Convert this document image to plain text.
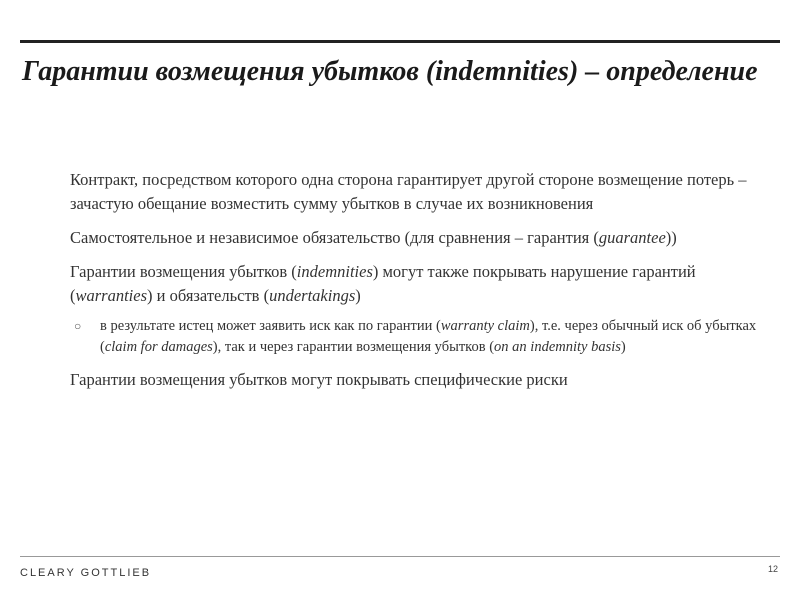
Гарантии возмещения убытков (indemnities) – определение
Контракт, посредством которого одна сторона гарантирует другой стороне возмещение потерь – зачастую обещание возместить сумму убытков в случае их возникновения
Самостоятельное и независимое обязательство (для сравнения – гарантия (guarantee))
Гарантии возмещения убытков (indemnities) могут также покрывать нарушение гарантий (warranties) и обязательств (undertakings)
○ в результате истец может заявить иск как по гарантии (warranty claim), т.е. через обычный иск об убытках (claim for damages), так и через гарантии возмещения убытков (on an indemnity basis)
Гарантии возмещения убытков могут покрывать специфические риски
CLEARY GOTTLIEB	12
